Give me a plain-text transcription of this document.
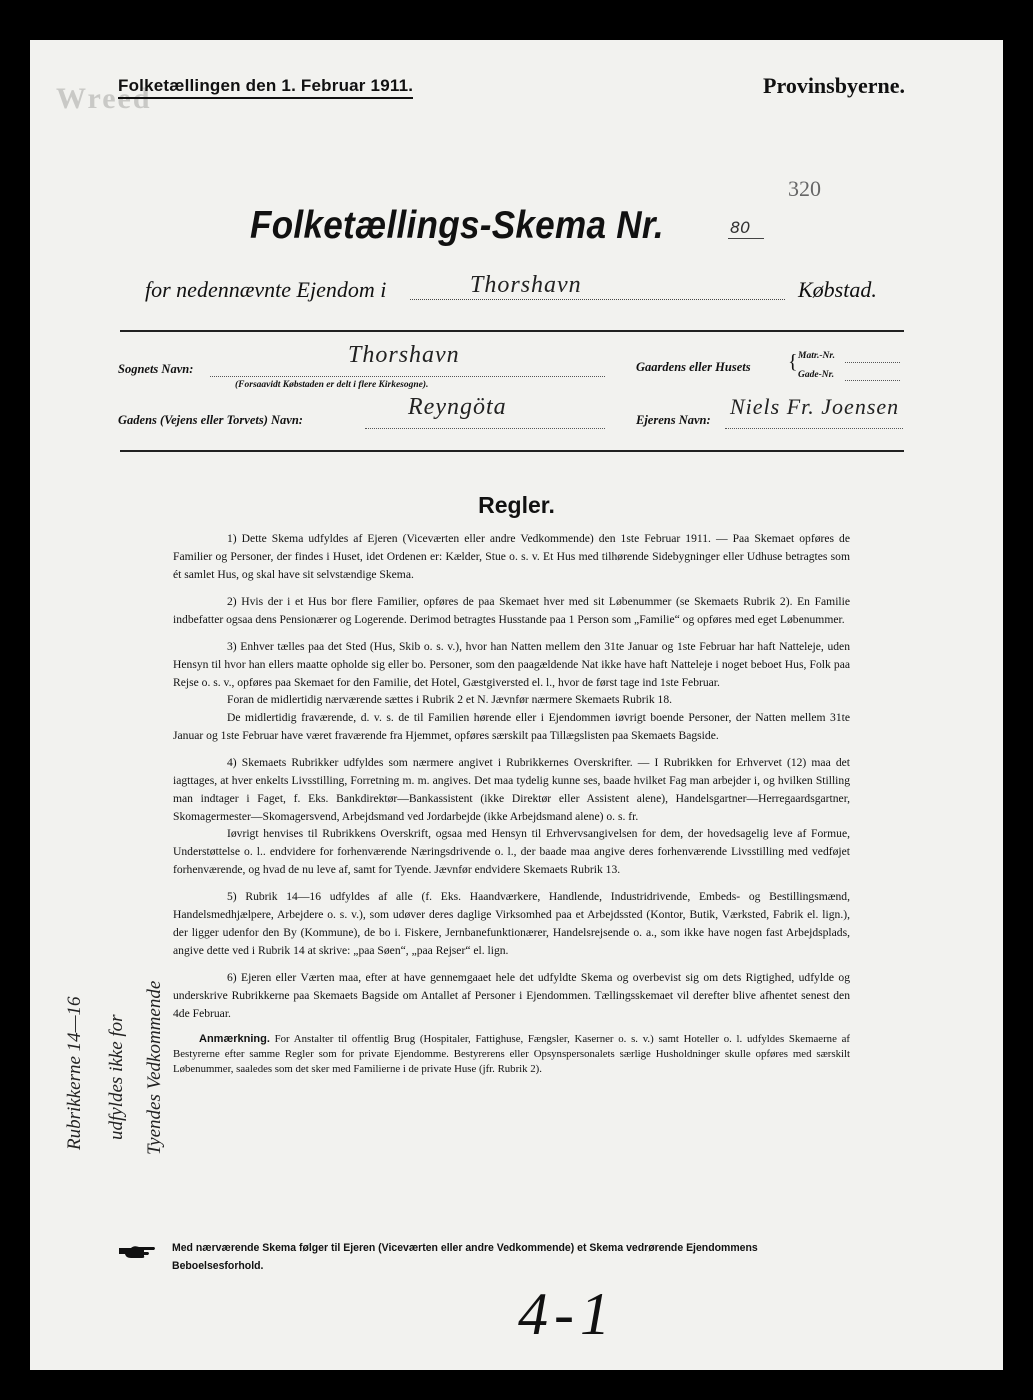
Wreed
Folketællingen den 1. Februar 1911.	Provinsbyerne.
320
Folketællings-Skema Nr.	80
for nedennævnte Ejendom i	Thorshavn	Købstad.
Sognets Navn:
Thorshavn
(Forsaavidt Købstaden er delt i flere Kirkesogne).
Gaardens eller Husets { Matr.-Nr.
Gade-Nr.
Gadens (Vejens eller Torvets) Navn:	Reyngöta	Ejerens Navn:
Niels Fr. Joensen
Regler.

1) Dette Skema udfyldes af Ejeren (Viceværten eller andre Vedkommende) den 1ste Februar 1911. — Paa Skemaet opføres de Familier og Personer, der findes i Huset, idet Ordenen er: Kælder, Stue o. s. v. Et Hus med tilhørende Sidebygninger eller Udhuse betragtes som ét samlet Hus, og skal have sit selvstændige Skema.

2) Hvis der i et Hus bor flere Familier, opføres de paa Skemaet hver med sit Løbenummer (se Skemaets Rubrik 2). En Familie indbefatter ogsaa dens Pensionærer og Logerende. Derimod betragtes Husstande paa 1 Person som „Familie“ og opføres med eget Løbenummer.

3) Enhver tælles paa det Sted (Hus, Skib o. s. v.), hvor han Natten mellem den 31te Januar og 1ste Februar har haft Natteleje, uden Hensyn til hvor han ellers maatte opholde sig eller bo. Personer, som den paagældende Nat ikke have haft Natteleje i noget beboet Hus, Folk paa Rejse o. s. v., opføres paa Skemaet for den Familie, det Hotel, Gæstgiversted el. l., hvor de først tage ind 1ste Februar.

Foran de midlertidig nærværende sættes i Rubrik 2 et N. Jævnfør nærmere Skemaets Rubrik 18.

De midlertidig fraværende, d. v. s. de til Familien hørende eller i Ejendommen iøvrigt boende Personer, der Natten mellem 31te Januar og 1ste Februar have været fraværende fra Hjemmet, opføres særskilt paa Tillægslisten paa Skemaets Bagside.

4) Skemaets Rubrikker udfyldes som nærmere angivet i Rubrikkernes Overskrifter. — I Rubrikken for Erhvervet (12) maa det iagttages, at hver enkelts Livsstilling, Forretning m. m. angives. Det maa tydelig kunne ses, baade hvilket Fag man arbejder i, og hvilken Stilling man indtager i Faget, f. Eks. Bankdirektør—Bankassistent (ikke Direktør eller Assistent alene), Handelsgartner—Herregaardsgartner, Skomagermester—Skomagersvend, Arbejdsmand ved Jordarbejde (ikke Arbejdsmand alene) o. s. fr.

Iøvrigt henvises til Rubrikkens Overskrift, ogsaa med Hensyn til Erhvervsangivelsen for dem, der hovedsagelig leve af Formue, Understøttelse o. l.. endvidere for forhenværende Næringsdrivende o. l., der baade maa angive deres forhenværende Livsstilling med vedføjet forhenværende, og hvad de nu leve af, samt for Tyende. Jævnfør endvidere Skemaets Rubrik 13.

5) Rubrik 14—16 udfyldes af alle (f. Eks. Haandværkere, Handlende, Industridrivende, Embeds- og Bestillingsmænd, Handelsmedhjælpere, Arbejdere o. s. v.), som udøver deres daglige Virksomhed paa et Arbejdssted (Kontor, Butik, Værksted, Fabrik el. lign.), der ligger udenfor den By (Kommune), de bo i. Fiskere, Jernbanefunktionærer, Handelsrejsende o. a., som ikke have nogen fast Arbejdsplads, angive dette ved i Rubrik 14 at skrive: „paa Søen“, „paa Rejser“ el. lign.

6) Ejeren eller Værten maa, efter at have gennemgaaet hele det udfyldte Skema og overbevist sig om dets Rigtighed, udfylde og underskrive Rubrikkerne paa Skemaets Bagside om Antallet af Personer i Ejendommen. Tællingsskemaet vil derefter blive afhentet senest den 4de Februar.

Anmærkning. For Anstalter til offentlig Brug (Hospitaler, Fattighuse, Fængsler, Kaserner o. s. v.) samt Hoteller o. l. udfyldes Skemaerne af Bestyrerne efter samme Regler som for private Ejendomme. Bestyrerens eller Opsynspersonalets særlige Husholdninger skulle opføres med særskilt Løbenummer, saaledes som det sker med Familierne i de private Huse (jfr. Rubrik 2).

Rubrikkerne 14—16 udfyldes ikke for Tyendes Vedkommende
Med nærværende Skema følger til Ejeren (Viceværten eller andre Vedkommende) et Skema vedrørende Ejendommens Beboelsesforhold.
4-1
